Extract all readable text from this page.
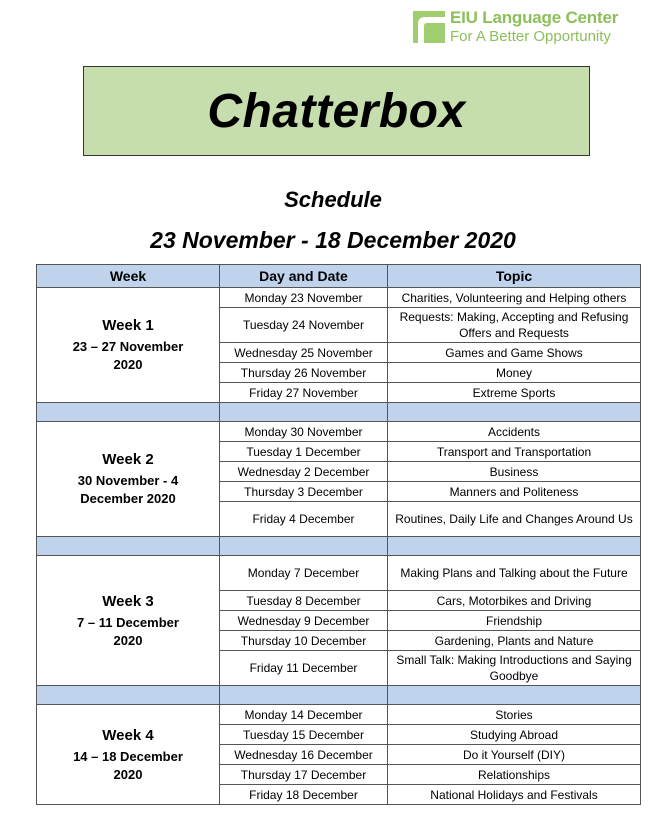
EIU Language Center
For A Better Opportunity
Chatterbox
Schedule
23 November - 18 December 2020
Week	Day and Date	Topic

Week 1
23 – 27 November 2020	Monday 23 November	Charities, Volunteering and Helping others
	Tuesday 24 November	Requests: Making, Accepting and Refusing Offers and Requests
	Wednesday 25 November	Games and Game Shows
	Thursday 26 November	Money
	Friday 27 November	Extreme Sports

Week 2
30 November - 4 December 2020	Monday 30 November	Accidents
	Tuesday 1 December	Transport and Transportation
	Wednesday 2 December	Business
	Thursday 3 December	Manners and Politeness
	Friday 4 December	Routines, Daily Life and Changes Around Us

Week 3
7 – 11 December 2020	Monday 7 December	Making Plans and Talking about the Future
	Tuesday 8 December	Cars, Motorbikes and Driving
	Wednesday 9 December	Friendship
	Thursday 10 December	Gardening, Plants and Nature
	Friday 11 December	Small Talk: Making Introductions and Saying Goodbye

Week 4
14 – 18 December 2020	Monday 14 December	Stories
	Tuesday 15 December	Studying Abroad
	Wednesday 16 December	Do it Yourself (DIY)
	Thursday 17 December	Relationships
	Friday 18 December	National Holidays and Festivals
